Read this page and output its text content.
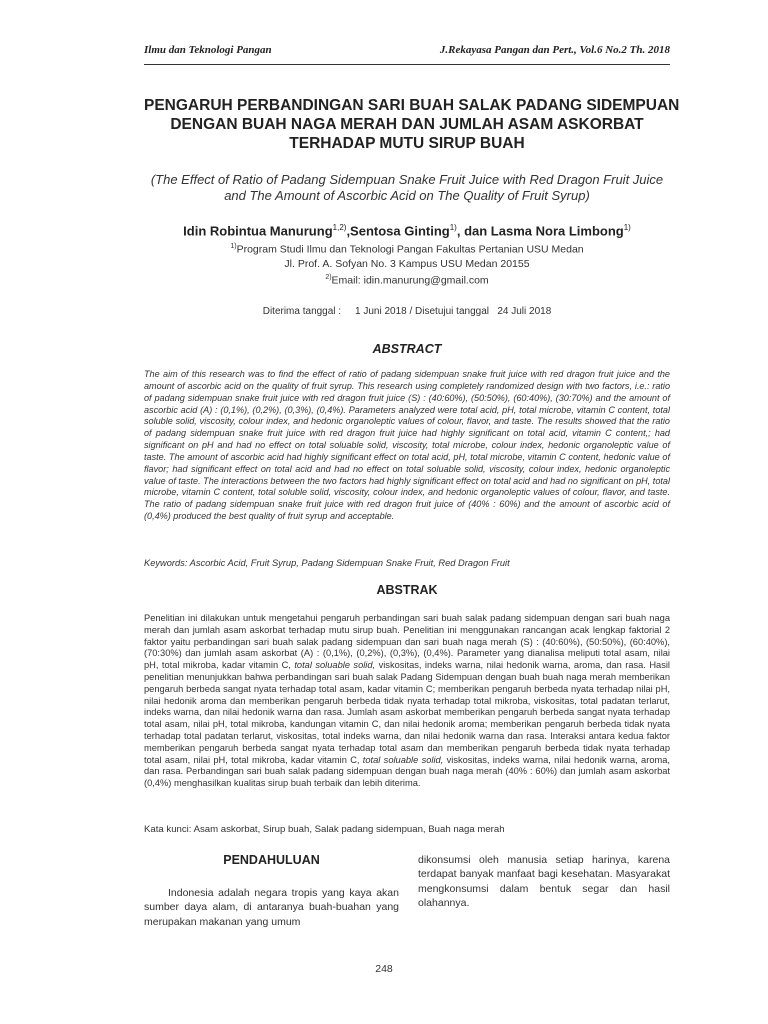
Ilmu dan Teknologi Pangan	J.Rekayasa Pangan dan Pert., Vol.6 No.2 Th. 2018
PENGARUH PERBANDINGAN SARI BUAH SALAK PADANG SIDEMPUAN
DENGAN BUAH NAGA MERAH DAN JUMLAH ASAM ASKORBAT
TERHADAP MUTU SIRUP BUAH
(The Effect of Ratio of Padang Sidempuan Snake Fruit Juice with Red Dragon Fruit Juice
and The Amount of Ascorbic Acid on The Quality of Fruit Syrup)
Idin Robintua Manurung$^{1,2)}$,Sentosa Ginting$^{1)}$, dan Lasma Nora Limbong$^{1)}$
$^{1)}$Program Studi Ilmu dan Teknologi Pangan Fakultas Pertanian USU Medan
Jl. Prof. A. Sofyan No. 3 Kampus USU Medan 20155
$^{2)}$Email: idin.manurung@gmail.com
Diterima tanggal : 1 Juni 2018 / Disetujui tanggal 24 Juli 2018
ABSTRACT
The aim of this research was to find the effect of ratio of padang sidempuan snake fruit juice with red dragon fruit juice and the amount of ascorbic acid on the quality of fruit syrup. This research using completely randomized design with two factors, i.e.: ratio of padang sidempuan snake fruit juice with red dragon fruit juice (S) : (40:60%), (50:50%), (60:40%), (30:70%) and the amount of ascorbic acid (A) : (0,1%), (0,2%), (0,3%), (0,4%). Parameters analyzed were total acid, pH, total microbe, vitamin C content, total soluble solid, viscosity, colour index, and hedonic organoleptic values of colour, flavor, and taste. The results showed that the ratio of padang sidempuan snake fruit juice with red dragon fruit juice had highly significant on total acid, vitamin C content,; had significant on pH and had no effect on total soluable solid, viscosity, total microbe, colour index, hedonic organoleptic value of taste. The amount of ascorbic acid had highly significant effect on total acid, pH, total microbe, vitamin C content, hedonic value of flavor; had significant effect on total acid and had no effect on total soluable solid, viscosity, colour index, hedonic organoleptic value of taste. The interactions between the two factors had highly significant effect on total acid and had no significant on pH, total microbe, vitamin C content, total soluble solid, viscosity, colour index, and hedonic organoleptic values of colour, flavor, and taste. The ratio of padang sidempuan snake fruit juice with red dragon fruit juice of (40% : 60%) and the amount of ascorbic acid of (0,4%) produced the best quality of fruit syrup and acceptable.
Keywords: Ascorbic Acid, Fruit Syrup, Padang Sidempuan Snake Fruit, Red Dragon Fruit
ABSTRAK
Penelitian ini dilakukan untuk mengetahui pengaruh perbandingan sari buah salak padang sidempuan dengan sari buah naga merah dan jumlah asam askorbat terhadap mutu sirup buah. Penelitian ini menggunakan rancangan acak lengkap faktorial 2 faktor yaitu perbandingan sari buah salak padang sidempuan dan sari buah naga merah (S) : (40:60%), (50:50%), (60:40%), (70:30%) dan jumlah asam askorbat (A) : (0,1%), (0,2%), (0,3%), (0,4%). Parameter yang dianalisa meliputi total asam, nilai pH, total mikroba, kadar vitamin C, total soluable solid, viskositas, indeks warna, nilai hedonik warna, aroma, dan rasa. Hasil penelitian menunjukkan bahwa perbandingan sari buah salak Padang Sidempuan dengan buah buah naga merah memberikan pengaruh berbeda sangat nyata terhadap total asam, kadar vitamin C; memberikan pengaruh berbeda nyata terhadap nilai pH, nilai hedonik aroma dan memberikan pengaruh berbeda tidak nyata terhadap total mikroba, viskositas, total padatan terlarut, indeks warna, dan nilai hedonik warna dan rasa. Jumlah asam askorbat memberikan pengaruh berbeda sangat nyata terhadap total asam, nilai pH, total mikroba, kandungan vitamin C, dan nilai hedonik aroma; memberikan pengaruh berbeda tidak nyata terhadap total padatan terlarut, viskositas, total indeks warna, dan nilai hedonik warna dan rasa. Interaksi antara kedua faktor memberikan pengaruh berbeda sangat nyata terhadap total asam dan memberikan pengaruh berbeda tidak nyata terhadap total asam, nilai pH, total mikroba, kadar vitamin C, total soluable solid, viskositas, indeks warna, nilai hedonik warna, aroma, dan rasa. Perbandingan sari buah salak padang sidempuan dengan buah naga merah (40% : 60%) dan jumlah asam askorbat (0,4%) menghasilkan kualitas sirup buah terbaik dan lebih diterima.
Kata kunci: Asam askorbat, Sirup buah, Salak padang sidempuan, Buah naga merah
PENDAHULUAN
Indonesia adalah negara tropis yang kaya akan sumber daya alam, di antaranya buah-buahan yang merupakan makanan yang umum
dikonsumsi oleh manusia setiap harinya, karena terdapat banyak manfaat bagi kesehatan. Masyarakat mengkonsumsi dalam bentuk segar dan hasil olahannya.
248
